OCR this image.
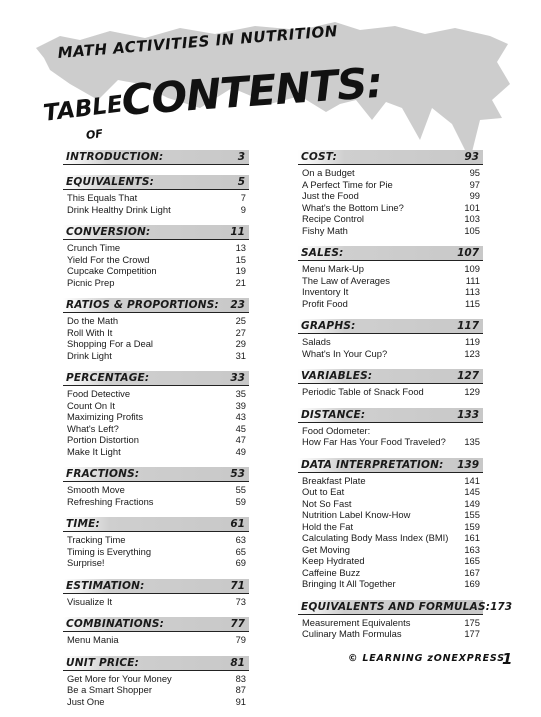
MATH ACTIVITIES IN NUTRITION
TABLE
OF
CONTENTS:
INTRODUCTION:	3
EQUIVALENTS:	5
This Equals That	7
Drink Healthy Drink Light	9
CONVERSION:	11
Crunch Time	13
Yield For the Crowd	15
Cupcake Competition	19
Picnic Prep	21
RATIOS & PROPORTIONS: 23
Do the Math	25
Roll With It	27
Shopping For a Deal	29
Drink Light	31
PERCENTAGE:	33
Food Detective	35
Count On It	39
Maximizing Profits	43
What's Left?	45
Portion Distortion	47
Make It Light	49
FRACTIONS:	53
Smooth Move	55
Refreshing Fractions	59
TIME:	61
Tracking Time	63
Timing is Everything	65
Surprise!	69
ESTIMATION:	71
Visualize It	73
COMBINATIONS:	77
Menu Mania	79
UNIT PRICE:	81
Get More for Your Money	83
Be a Smart Shopper	87
Just One	91
COST:	93
On a Budget	95
A Perfect Time for Pie	97
Just the Food	99
What's the Bottom Line?	101
Recipe Control	103
Fishy Math	105
SALES:	107
Menu Mark-Up	109
The Law of Averages	111
Inventory It	113
Profit Food	115
GRAPHS:	117
Salads	119
What's In Your Cup?	123
VARIABLES:	127
Periodic Table of Snack Food	129
DISTANCE:	133
Food Odometer:
How Far Has Your Food Traveled? 135
DATA INTERPRETATION: 139
Breakfast Plate	141
Out to Eat	145
Not So Fast	149
Nutrition Label Know-How	155
Hold the Fat	159
Calculating Body Mass Index (BMI) 161
Get Moving	163
Keep Hydrated	165
Caffeine Buzz	167
Bringing It All Together	169
EQUIVALENTS AND FORMULAS: 173
Measurement Equivalents	175
Culinary Math Formulas	177
© LEARNING zONEXPRESS
1
